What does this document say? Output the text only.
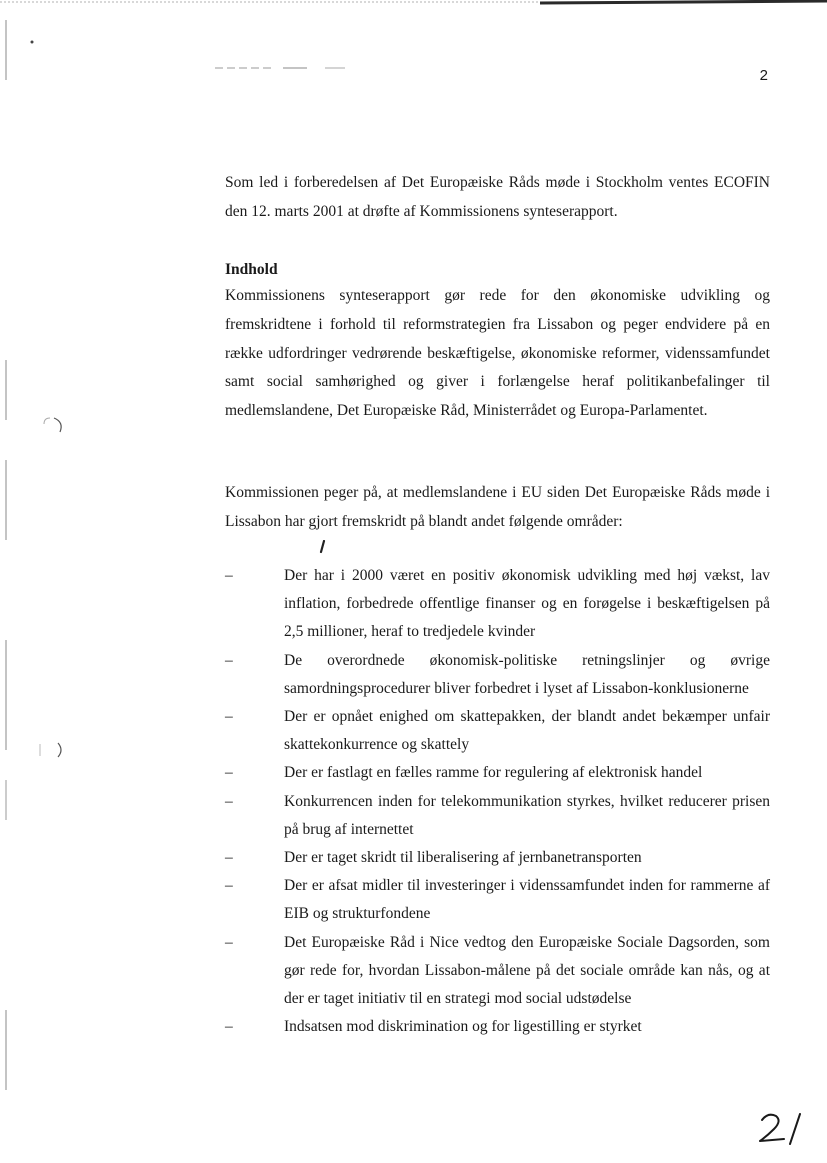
2

Som led i forberedelsen af Det Europæiske Råds møde i Stockholm ventes ECOFIN den 12. marts 2001 at drøfte af Kommissionens synteserapport.

Indhold

Kommissionens synteserapport gør rede for den økonomiske udvikling og fremskridtene i forhold til reformstrategien fra Lissabon og peger endvidere på en række udfordringer vedrørende beskæftigelse, økonomiske reformer, videnssamfundet samt social samhørighed og giver i forlængelse heraf politikanbefalinger til medlemslandene, Det Europæiske Råd, Ministerrådet og Europa-Parlamentet.

Kommissionen peger på, at medlemslandene i EU siden Det Europæiske Råds møde i Lissabon har gjort fremskridt på blandt andet følgende områder:

–	Der har i 2000 været en positiv økonomisk udvikling med høj vækst, lav inflation, forbedrede offentlige finanser og en forøgelse i beskæftigelsen på 2,5 millioner, heraf to tredjedele kvinder
–	De overordnede økonomisk-politiske retningslinjer og øvrige samordningsprocedurer bliver forbedret i lyset af Lissabon-konklusionerne
–	Der er opnået enighed om skattepakken, der blandt andet bekæmper unfair skattekonkurrence og skattely
–	Der er fastlagt en fælles ramme for regulering af elektronisk handel
–	Konkurrencen inden for telekommunikation styrkes, hvilket reducerer prisen på brug af internettet
–	Der er taget skridt til liberalisering af jernbanetransporten
–	Der er afsat midler til investeringer i videnssamfundet inden for rammerne af EIB og strukturfondene
–	Det Europæiske Råd i Nice vedtog den Europæiske Sociale Dagsorden, som gør rede for, hvordan Lissabon-målene på det sociale område kan nås, og at der er taget initiativ til en strategi mod social udstødelse
–	Indsatsen mod diskrimination og for ligestilling er styrket
